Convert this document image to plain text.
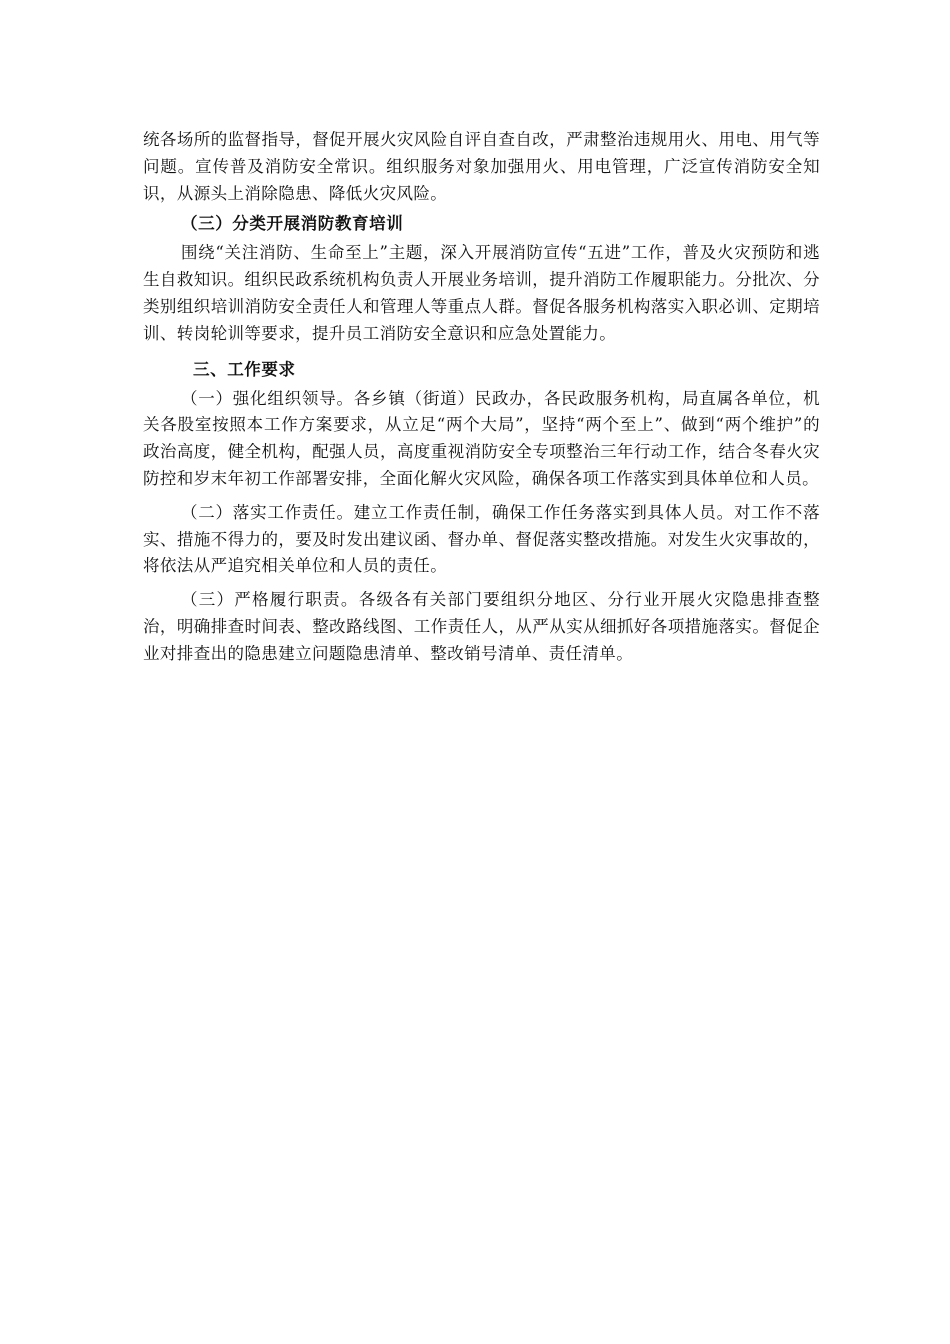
统各场所的监督指导，督促开展火灾风险自评自查自改，严肃整治违规用火、用电、用气等问题。宣传普及消防安全常识。组织服务对象加强用火、用电管理，广泛宣传消防安全知识，从源头上消除隐患、降低火灾风险。

（三）分类开展消防教育培训

围绕“关注消防、生命至上”主题，深入开展消防宣传“五进”工作，普及火灾预防和逃生自救知识。组织民政系统机构负责人开展业务培训，提升消防工作履职能力。分批次、分类别组织培训消防安全责任人和管理人等重点人群。督促各服务机构落实入职必训、定期培训、转岗轮训等要求，提升员工消防安全意识和应急处置能力。

三、工作要求

（一）强化组织领导。各乡镇（街道）民政办，各民政服务机构，局直属各单位，机关各股室按照本工作方案要求，从立足“两个大局”，坚持“两个至上”、做到“两个维护”的政治高度，健全机构，配强人员，高度重视消防安全专项整治三年行动工作，结合冬春火灾防控和岁末年初工作部署安排，全面化解火灾风险，确保各项工作落实到具体单位和人员。

（二）落实工作责任。建立工作责任制，确保工作任务落实到具体人员。对工作不落实、措施不得力的，要及时发出建议函、督办单、督促落实整改措施。对发生火灾事故的，将依法从严追究相关单位和人员的责任。

（三）严格履行职责。各级各有关部门要组织分地区、分行业开展火灾隐患排查整治，明确排查时间表、整改路线图、工作责任人，从严从实从细抓好各项措施落实。督促企业对排查出的隐患建立问题隐患清单、整改销号清单、责任清单。
